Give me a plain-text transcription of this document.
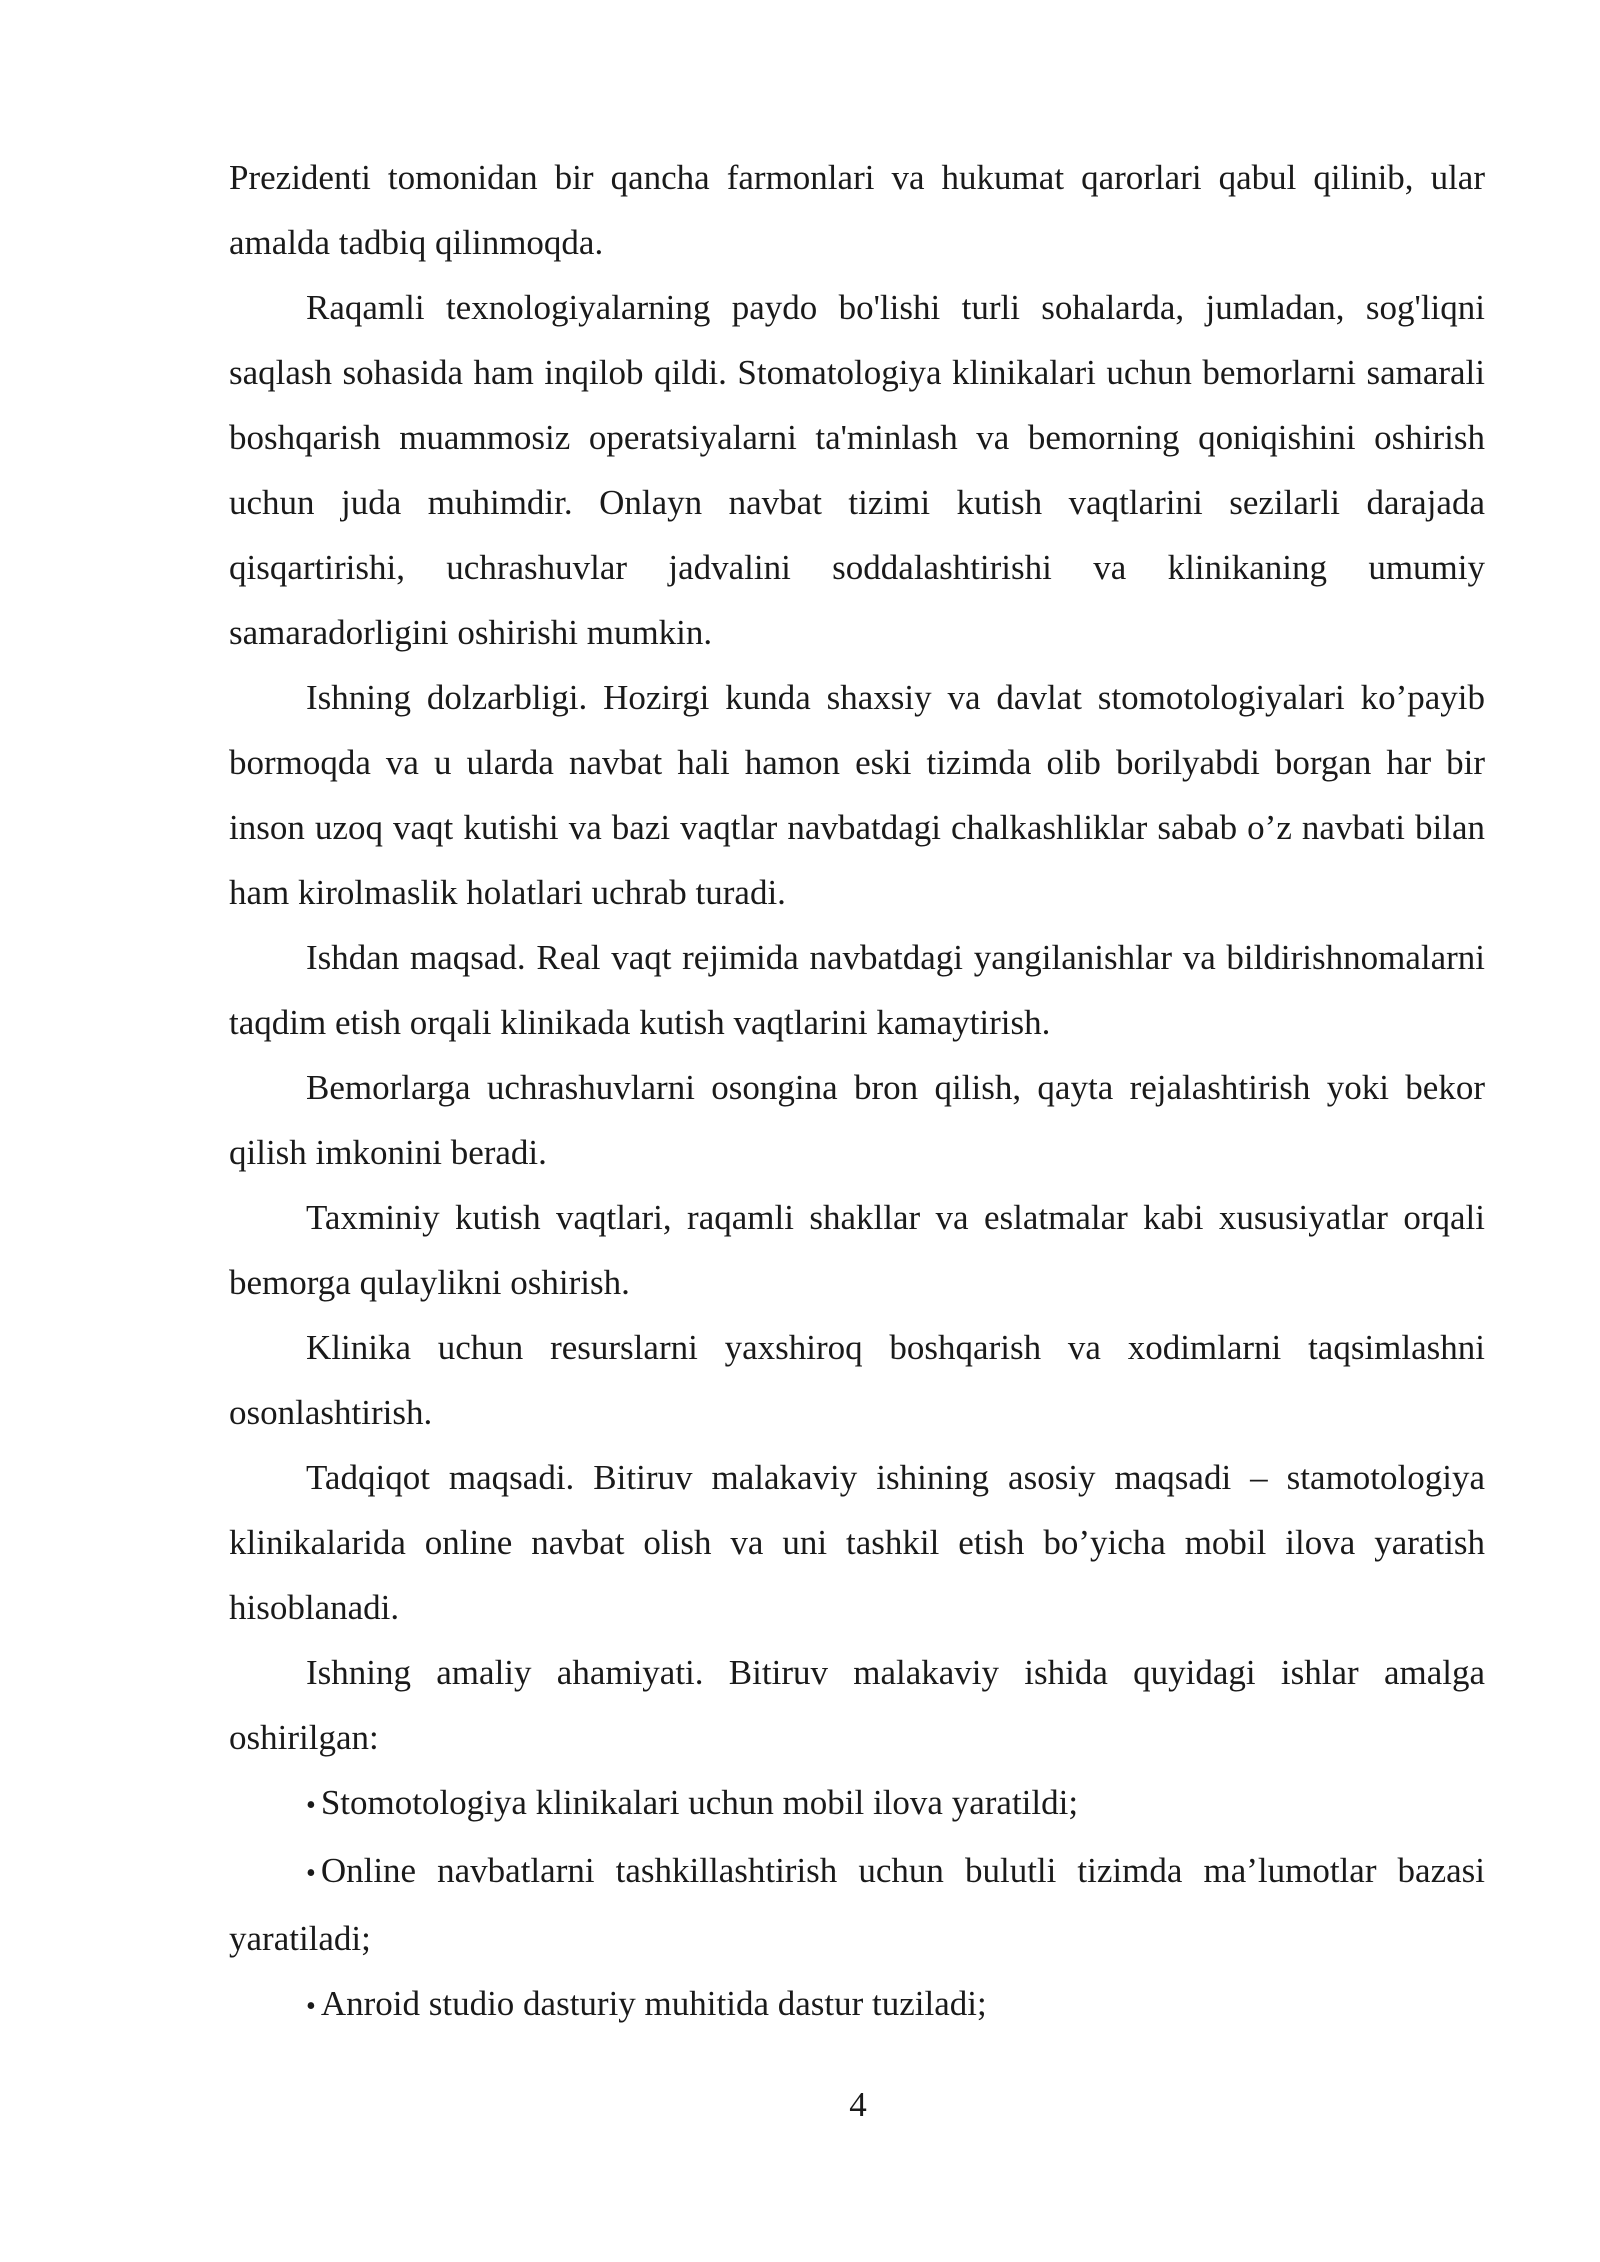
Prezidenti tomonidan bir qancha farmonlari va hukumat qarorlari qabul qilinib, ular amalda tadbiq qilinmoqda.

Raqamli texnologiyalarning paydo bo'lishi turli sohalarda, jumladan, sog'liqni saqlash sohasida ham inqilob qildi. Stomatologiya klinikalari uchun bemorlarni samarali boshqarish muammosiz operatsiyalarni ta'minlash va bemorning qoniqishini oshirish uchun juda muhimdir. Onlayn navbat tizimi kutish vaqtlarini sezilarli darajada qisqartirishi, uchrashuvlar jadvalini soddalashtirishi va klinikaning umumiy samaradorligini oshirishi mumkin.

Ishning dolzarbligi. Hozirgi kunda shaxsiy va davlat stomotologiyalari ko’payib bormoqda va u ularda navbat hali hamon eski tizimda olib borilyabdi borgan har bir inson uzoq vaqt kutishi va bazi vaqtlar navbatdagi chalkashliklar sabab o’z navbati bilan ham kirolmaslik holatlari uchrab turadi.

Ishdan maqsad. Real vaqt rejimida navbatdagi yangilanishlar va bildirishnomalarni taqdim etish orqali klinikada kutish vaqtlarini kamaytirish.

Bemorlarga uchrashuvlarni osongina bron qilish, qayta rejalashtirish yoki bekor qilish imkonini beradi.

Taxminiy kutish vaqtlari, raqamli shakllar va eslatmalar kabi xususiyatlar orqali bemorga qulaylikni oshirish.

Klinika uchun resurslarni yaxshiroq boshqarish va xodimlarni taqsimlashni osonlashtirish.

Tadqiqot maqsadi. Bitiruv malakaviy ishining asosiy maqsadi – stamotologiya klinikalarida online navbat olish va uni tashkil etish bo’yicha mobil ilova yaratish hisoblanadi.

Ishning amaliy ahamiyati. Bitiruv malakaviy ishida quyidagi ishlar amalga oshirilgan:

• Stomotologiya klinikalari uchun mobil ilova yaratildi;

• Online navbatlarni tashkillashtirish uchun bulutli tizimda ma’lumotlar bazasi yaratiladi;

• Anroid studio dasturiy muhitida dastur tuziladi;

4
